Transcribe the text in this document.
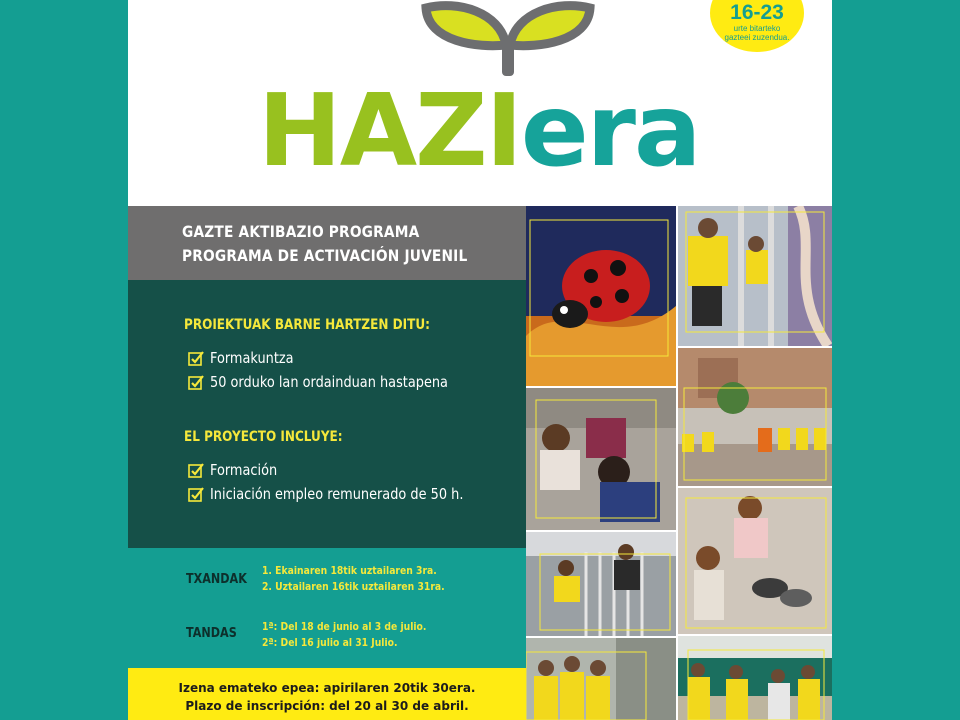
HAZIera
16-23
urte bitarteko
gazteei zuzendua.
GAZTE AKTIBAZIO PROGRAMA
PROGRAMA DE ACTIVACIÓN JUVENIL
PROIEKTUAK BARNE HARTZEN DITU:
Formakuntza
50 orduko lan ordainduan hastapena
EL PROYECTO INCLUYE:
Formación
Iniciación empleo remunerado de 50 h.
TXANDAK
1. Ekainaren 18tik uztailaren 3ra.
2. Uztailaren 16tik uztailaren 31ra.
TANDAS 1ª: Del 18 de junio al 3 de julio.
2ª: Del 16 julio al 31 Julio.
Izena emateko epea: apirilaren 20tik 30era.
Plazo de inscripción: del 20 al 30 de abril.
